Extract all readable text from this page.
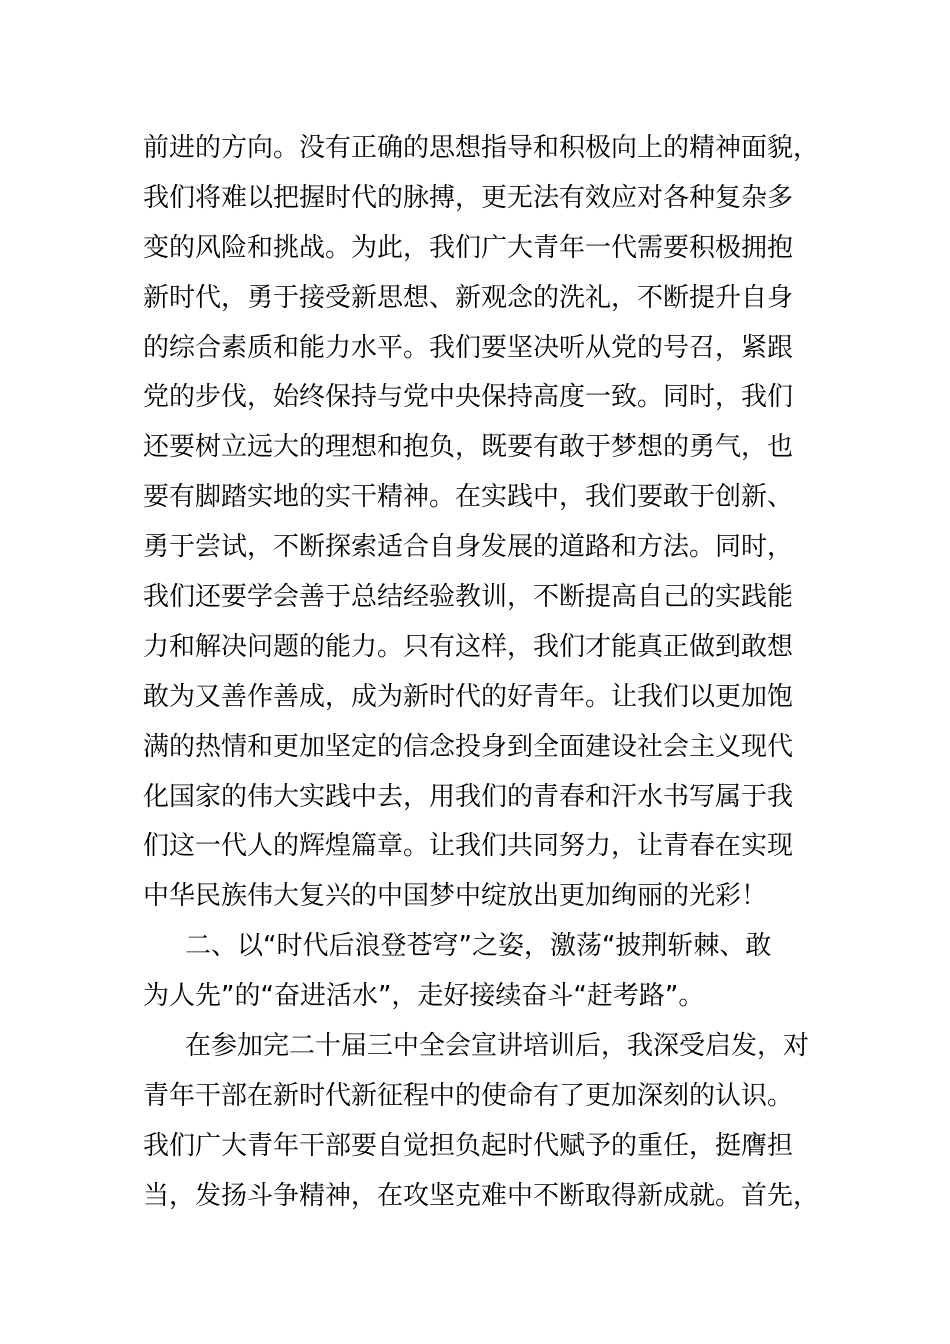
前进的方向。没有正确的思想指导和积极向上的精神面貌，
我们将难以把握时代的脉搏，更无法有效应对各种复杂多
变的风险和挑战。为此，我们广大青年一代需要积极拥抱
新时代，勇于接受新思想、新观念的洗礼，不断提升自身
的综合素质和能力水平。我们要坚决听从党的号召，紧跟
党的步伐，始终保持与党中央保持高度一致。同时，我们
还要树立远大的理想和抱负，既要有敢于梦想的勇气，也
要有脚踏实地的实干精神。在实践中，我们要敢于创新、
勇于尝试，不断探索适合自身发展的道路和方法。同时，
我们还要学会善于总结经验教训，不断提高自己的实践能
力和解决问题的能力。只有这样，我们才能真正做到敢想
敢为又善作善成，成为新时代的好青年。让我们以更加饱
满的热情和更加坚定的信念投身到全面建设社会主义现代
化国家的伟大实践中去，用我们的青春和汗水书写属于我
们这一代人的辉煌篇章。让我们共同努力，让青春在实现
中华民族伟大复兴的中国梦中绽放出更加绚丽的光彩！
二、以“时代后浪登苍穹”之姿，激荡“披荆斩棘、敢
为人先”的“奋进活水”，走好接续奋斗“赶考路”。
在参加完二十届三中全会宣讲培训后，我深受启发，对
青年干部在新时代新征程中的使命有了更加深刻的认识。
我们广大青年干部要自觉担负起时代赋予的重任，挺膺担
当，发扬斗争精神，在攻坚克难中不断取得新成就。首先，
